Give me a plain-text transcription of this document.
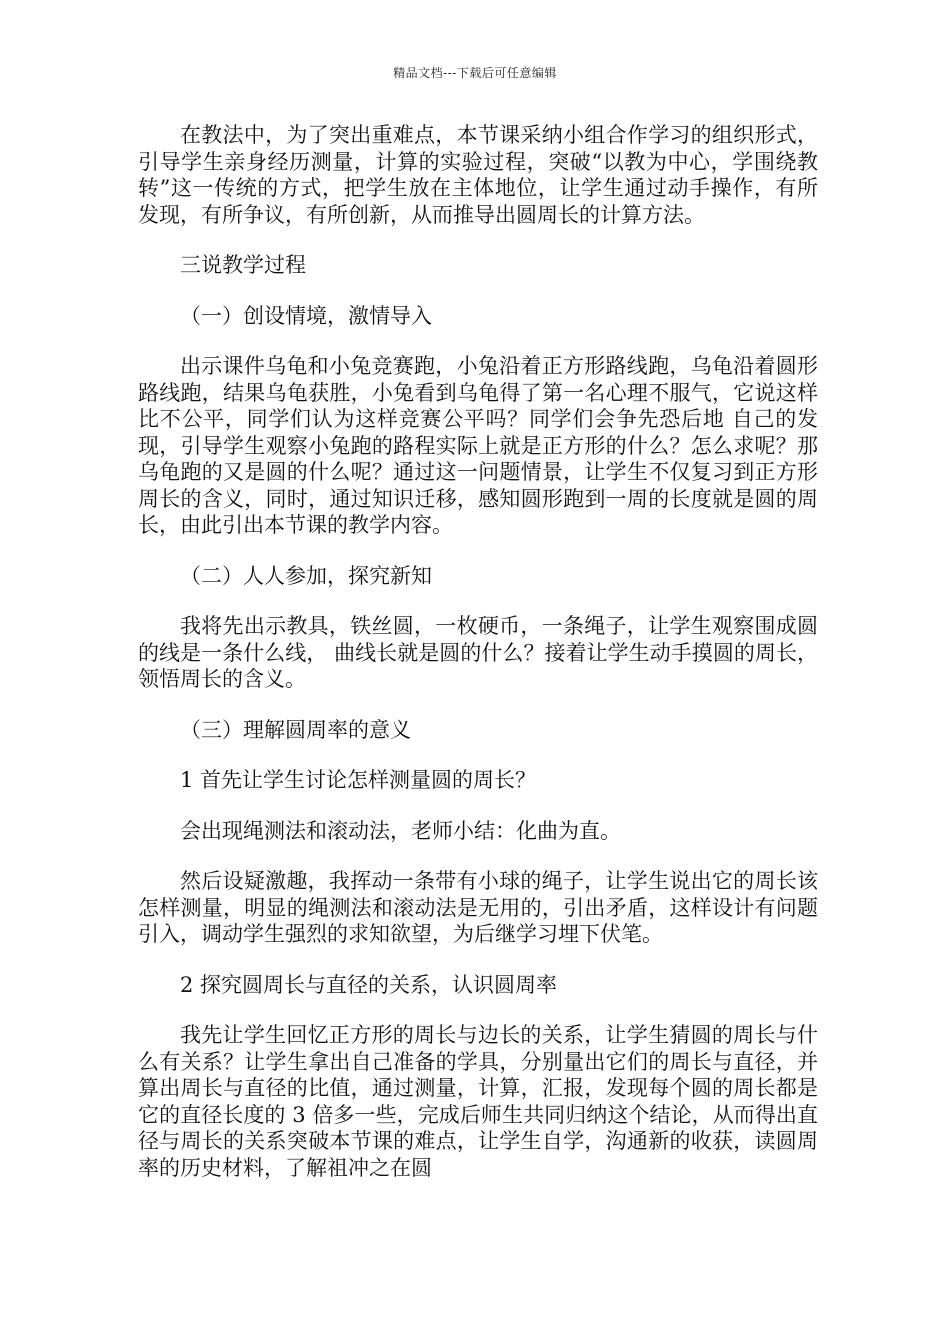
精品文档---下载后可任意编辑

在教法中，为了突出重难点，本节课采纳小组合作学习的组织形式，引导学生亲身经历测量，计算的实验过程，突破“以教为中心，学围绕教转”这一传统的方式，把学生放在主体地位，让学生通过动手操作，有所发现，有所争议，有所创新，从而推导出圆周长的计算方法。

三说教学过程

（一）创设情境，激情导入

出示课件乌龟和小兔竞赛跑，小兔沿着正方形路线跑，乌龟沿着圆形路线跑，结果乌龟获胜，小兔看到乌龟得了第一名心理不服气，它说这样比不公平，同学们认为这样竞赛公平吗？同学们会争先恐后地 自己的发现，引导学生观察小兔跑的路程实际上就是正方形的什么？怎么求呢？那乌龟跑的又是圆的什么呢？通过这一问题情景，让学生不仅复习到正方形周长的含义，同时，通过知识迁移，感知圆形跑到一周的长度就是圆的周长，由此引出本节课的教学内容。

（二）人人参加，探究新知

我将先出示教具，铁丝圆，一枚硬币，一条绳子，让学生观察围成圆的线是一条什么线， 曲线长就是圆的什么？接着让学生动手摸圆的周长，领悟周长的含义。

（三）理解圆周率的意义

1 首先让学生讨论怎样测量圆的周长？

会出现绳测法和滚动法，老师小结：化曲为直。

然后设疑激趣，我挥动一条带有小球的绳子，让学生说出它的周长该怎样测量，明显的绳测法和滚动法是无用的，引出矛盾，这样设计有问题引入，调动学生强烈的求知欲望，为后继学习埋下伏笔。

2 探究圆周长与直径的关系，认识圆周率

我先让学生回忆正方形的周长与边长的关系，让学生猜圆的周长与什么有关系？让学生拿出自己准备的学具，分别量出它们的周长与直径，并算出周长与直径的比值，通过测量，计算，汇报，发现每个圆的周长都是它的直径长度的 3 倍多一些，完成后师生共同归纳这个结论，从而得出直径与周长的关系突破本节课的难点，让学生自学，沟通新的收获，读圆周率的历史材料，了解祖冲之在圆
